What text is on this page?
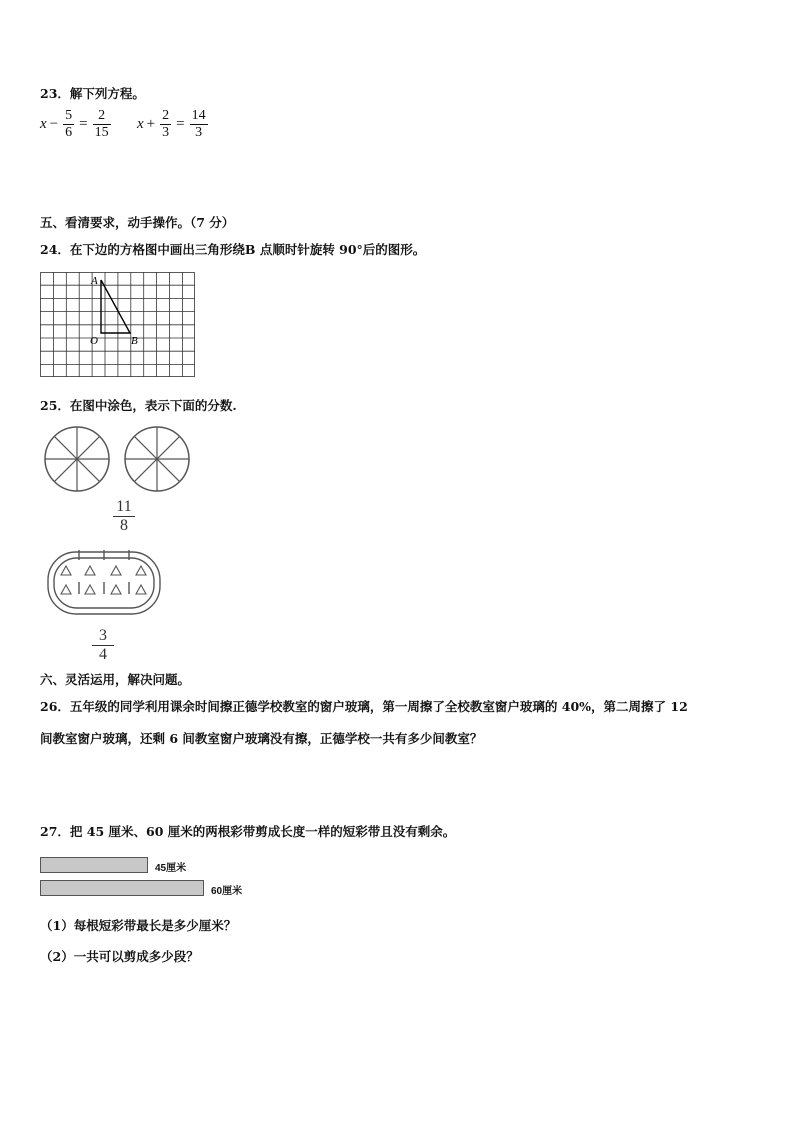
23．解下列方程。
$x - \frac{5}{6} = \frac{2}{15}$ $x + \frac{2}{3} = \frac{14}{3}$
五、看清要求，动手操作。（7 分）
24．在下边的方格图中画出三角形绕B 点顺时针旋转 90°后的图形。
A
O	B
25．在图中涂色，表示下面的分数.
11
8
3
4
六、灵活运用，解决问题。
26．五年级的同学利用课余时间擦正德学校教室的窗户玻璃，第一周擦了全校教室窗户玻璃的 40%，第二周擦了 12
间教室窗户玻璃，还剩 6 间教室窗户玻璃没有擦，正德学校一共有多少间教室？
27．把 45 厘米、60 厘米的两根彩带剪成长度一样的短彩带且没有剩余。
45厘米
60厘米
（1）每根短彩带最长是多少厘米？
（2）一共可以剪成多少段？
